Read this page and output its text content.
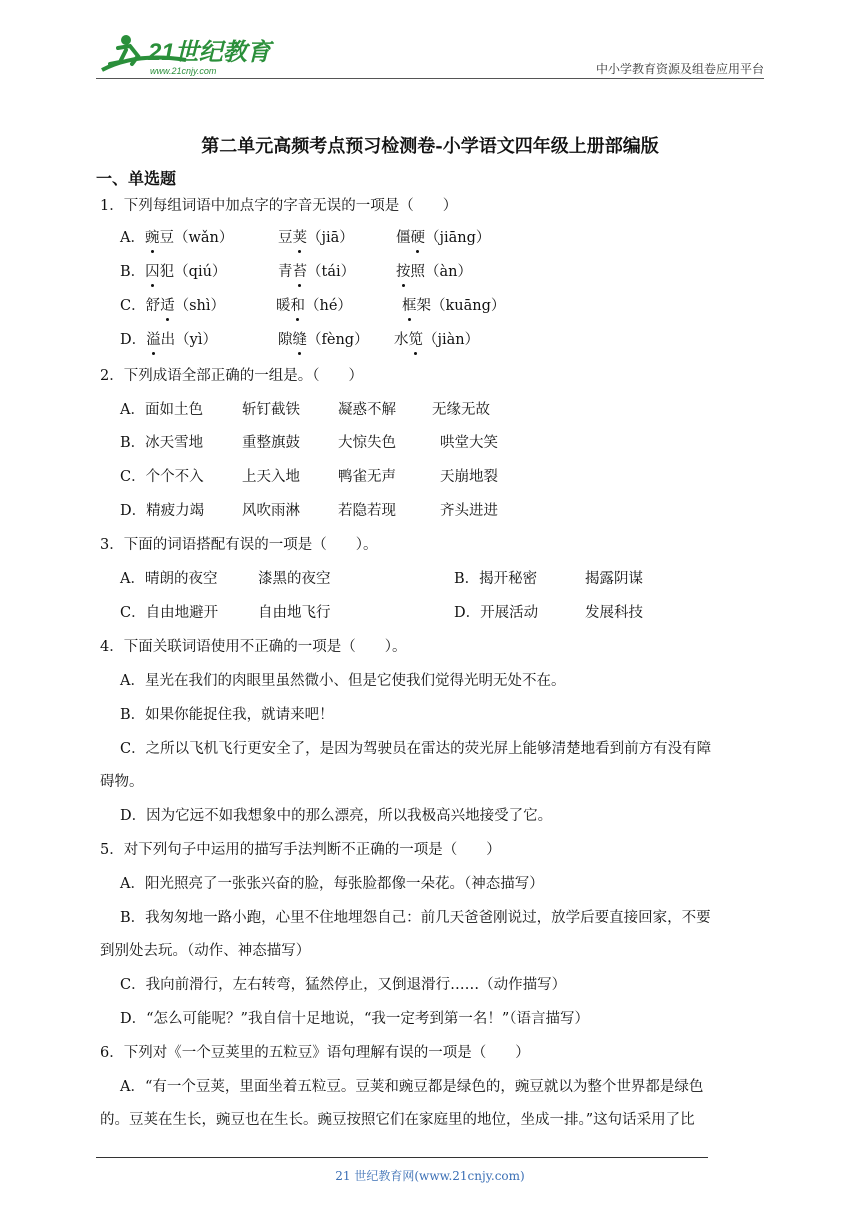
21世纪教育
www.21cnjy.com	中小学教育资源及组卷应用平台
第二单元高频考点预习检测卷-小学语文四年级上册部编版
一、单选题
1．下列每组词语中加点字的字音无误的一项是（　　）
A．豌豆（wǎn）	豆荚（jiā）	僵硬（jiāng）
B．囚犯（qiú）	青苔（tái）	按照（àn）
C．舒适（shì）	暖和（hé）	框架（kuāng）
D．溢出（yì）	隙缝（fèng） 水笕（jiàn）
2．下列成语全部正确的一组是。（　　）
A．面如土色	斩钉截铁	凝惑不解 无缘无故
B．冰天雪地	重整旗鼓	大惊失色	哄堂大笑
C．个个不入	上天入地	鸭雀无声	天崩地裂
D．精疲力竭	风吹雨淋	若隐若现	齐头进进
3．下面的词语搭配有误的一项是（　　）。
A．晴朗的夜空	漆黑的夜空	B．揭开秘密	揭露阴谋
C．自由地避开	自由地飞行	D．开展活动	发展科技
4．下面关联词语使用不正确的一项是（　　）。
A．星光在我们的肉眼里虽然微小、但是它使我们觉得光明无处不在。
B．如果你能捉住我，就请来吧！
C．之所以飞机飞行更安全了，是因为驾驶员在雷达的荧光屏上能够清楚地看到前方有没有障
碍物。
D．因为它远不如我想象中的那么漂亮，所以我极高兴地接受了它。
5．对下列句子中运用的描写手法判断不正确的一项是（　　）
A．阳光照亮了一张张兴奋的脸，每张脸都像一朵花。（神态描写）
B．我匆匆地一路小跑，心里不住地埋怨自己：前几天爸爸刚说过，放学后要直接回家，不要
到别处去玩。（动作、神态描写）
C．我向前滑行，左右转弯，猛然停止，又倒退滑行……（动作描写）
D．“怎么可能呢？”我自信十足地说，“我一定考到第一名！”（语言描写）
6．下列对《一个豆荚里的五粒豆》语句理解有误的一项是（　　）
A．“有一个豆荚，里面坐着五粒豆。豆荚和豌豆都是绿色的，豌豆就以为整个世界都是绿色
的。豆荚在生长，豌豆也在生长。豌豆按照它们在家庭里的地位，坐成一排。”这句话采用了比
21 世纪教育网(www.21cnjy.com)
